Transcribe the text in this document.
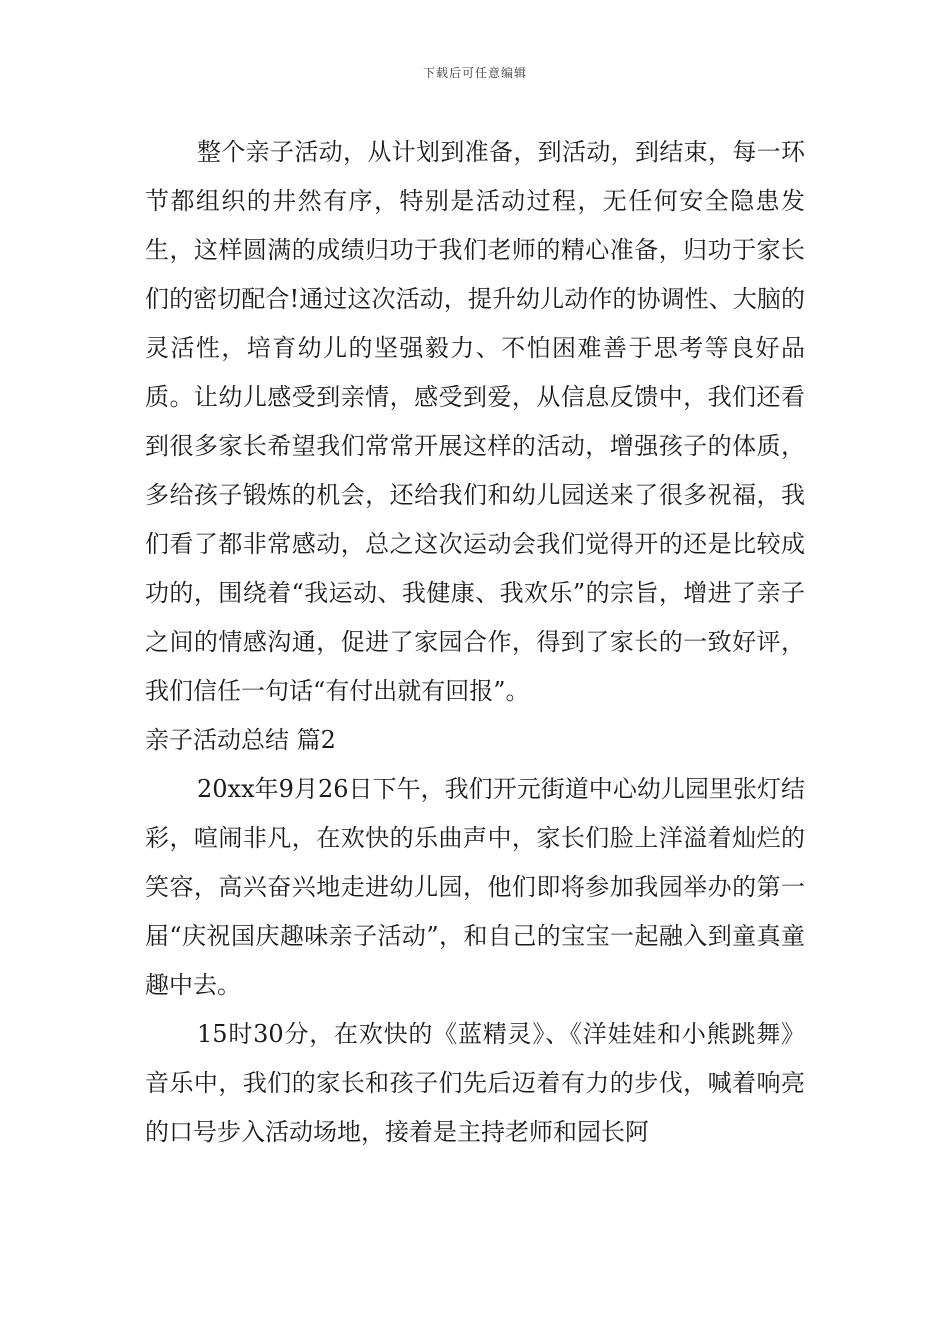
下载后可任意编辑

整个亲子活动，从计划到准备，到活动，到结束，每一环节都组织的井然有序，特别是活动过程，无任何安全隐患发生，这样圆满的成绩归功于我们老师的精心准备，归功于家长们的密切配合!通过这次活动，提升幼儿动作的协调性、大脑的灵活性，培育幼儿的坚强毅力、不怕困难善于思考等良好品质。让幼儿感受到亲情，感受到爱，从信息反馈中，我们还看到很多家长希望我们常常开展这样的活动，增强孩子的体质，多给孩子锻炼的机会，还给我们和幼儿园送来了很多祝福，我们看了都非常感动，总之这次运动会我们觉得开的还是比较成功的，围绕着“我运动、我健康、我欢乐”的宗旨，增进了亲子之间的情感沟通，促进了家园合作，得到了家长的一致好评，我们信任一句话“有付出就有回报”。

亲子活动总结 篇2

20xx年9月26日下午，我们开元街道中心幼儿园里张灯结彩，喧闹非凡，在欢快的乐曲声中，家长们脸上洋溢着灿烂的笑容，高兴奋兴地走进幼儿园，他们即将参加我园举办的第一届“庆祝国庆趣味亲子活动”，和自己的宝宝一起融入到童真童趣中去。

15时30分，在欢快的《蓝精灵》、《洋娃娃和小熊跳舞》音乐中，我们的家长和孩子们先后迈着有力的步伐，喊着响亮的口号步入活动场地，接着是主持老师和园长阿
